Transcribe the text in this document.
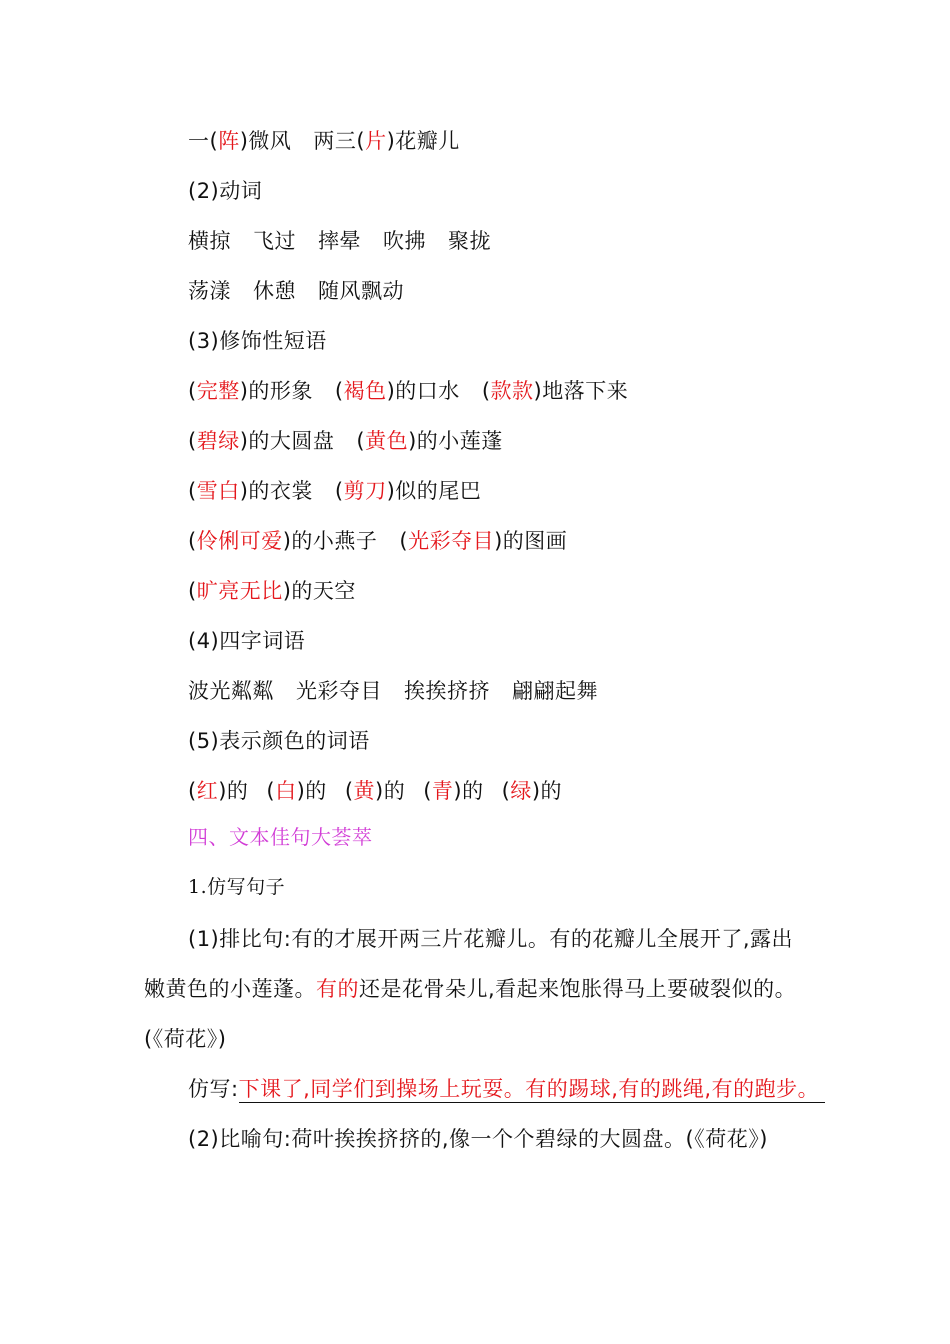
一(阵)微风 两三(片)花瓣儿
(2)动词
横掠 飞过 摔晕 吹拂 聚拢
荡漾 休憩 随风飘动
(3)修饰性短语
(完整)的形象 (褐色)的口水 (款款)地落下来
(碧绿)的大圆盘 (黄色)的小莲蓬
(雪白)的衣裳 (剪刀)似的尾巴
(伶俐可爱)的小燕子 (光彩夺目)的图画
(旷亮无比)的天空
(4)四字词语
波光粼粼 光彩夺目 挨挨挤挤 翩翩起舞
(5)表示颜色的词语
(红)的 (白)的 (黄)的 (青)的 (绿)的
四、文本佳句大荟萃
1.仿写句子
(1)排比句:有的才展开两三片花瓣儿。有的花瓣儿全展开了,露出
嫩黄色的小莲蓬。有的还是花骨朵儿,看起来饱胀得马上要破裂似的。
(《荷花》)
仿写:下课了,同学们到操场上玩耍。有的踢球,有的跳绳,有的跑步。
(2)比喻句:荷叶挨挨挤挤的,像一个个碧绿的大圆盘。(《荷花》)
